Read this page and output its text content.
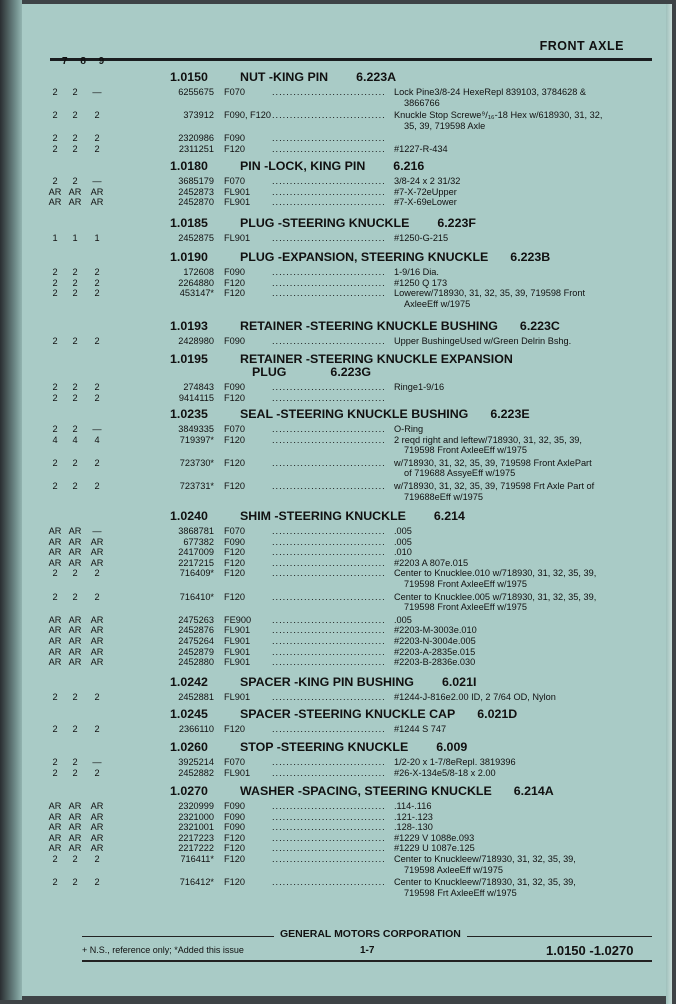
FRONT AXLE
7 8 9
1.0150	NUT -KING PIN 6.223A
2	2	—	6255675 F070	................................ Lock Pine3/8-24 HexeRepl 839103, 3784628 &
3866766
2	2	2	373912 F090, F120 ................................ Knuckle Stop Screwe⁹/₁₆-18 Hex w/618930, 31, 32,
35, 39, 719598 Axle
2	2	2	2320986 F090	................................
2	2	2	2311251 F120	................................ #1227-R-434
1.0180	PIN -LOCK, KING PIN 6.216
2	2	—	3685179 F070	................................ 3/8-24 x 2 31/32
AR AR	AR	2452873 FL901 ................................ #7-X-72eUpper
AR AR	AR	2452870 FL901 ................................ #7-X-69eLower
1.0185	PLUG -STEERING KNUCKLE 6.223F
1	1	1	2452875 FL901 ................................ #1250-G-215
1.0190	PLUG -EXPANSION, STEERING KNUCKLE 6.223B
2	2	2	172608 F090	................................ 1-9/16 Dia.
2	2	2	2264880 F120	................................ #1250 Q 173
2	2	2	453147* F120	................................ Lowerew/718930, 31, 32, 35, 39, 719598 Front
AxleeEff w/1975
1.0193	RETAINER -STEERING KNUCKLE BUSHING 6.223C
2	2	2	2428980 F090	................................ Upper BushingeUsed w/Green Delrin Bshg.
1.0195	RETAINER -STEERING KNUCKLE EXPANSION
PLUG	6.223G
2	2	2	274843 F090	................................ Ringe1-9/16
2	2	2	9414115 F120	................................
1.0235	SEAL -STEERING KNUCKLE BUSHING 6.223E
2	2	—	3849335 F070	................................ O-Ring
4	4	4	719397* F120	................................ 2 reqd right and leftew/718930, 31, 32, 35, 39,
719598 Front AxleeEff w/1975
2	2	2	723730* F120	................................ w/718930, 31, 32, 35, 39, 719598 Front AxlePart
of 719688 AssyeEff w/1975
2	2	2	723731* F120	................................ w/718930, 31, 32, 35, 39, 719598 Frt Axle Part of
719688eEff w/1975
1.0240	SHIM -STEERING KNUCKLE 6.214
AR AR	—	3868781 F070	................................ .005
AR AR	AR	677382 F090	................................ .005
AR AR	AR	2417009 F120	................................ .010
AR AR	AR	2217215 F120	................................ #2203 A 807e.015
2	2	2	716409* F120	................................ Center to Knucklee.010 w/718930, 31, 32, 35, 39,
719598 Front AxleeEff w/1975
2	2	2	716410* F120	................................ Center to Knucklee.005 w/718930, 31, 32, 35, 39,
719598 Front AxleeEff w/1975
AR AR	AR	2475263 FE900 ................................ .005
AR AR	AR	2452876 FL901 ................................ #2203-M-3003e.010
AR AR	AR	2475264 FL901 ................................ #2203-N-3004e.005
AR AR	AR	2452879 FL901 ................................ #2203-A-2835e.015
AR AR	AR	2452880 FL901 ................................ #2203-B-2836e.030
1.0242	SPACER -KING PIN BUSHING 6.021I
2	2	2	2452881 FL901 ................................ #1244-J-816e2.00 ID, 2 7/64 OD, Nylon
1.0245	SPACER -STEERING KNUCKLE CAP 6.021D
2	2	2	2366110 F120	................................ #1244 S 747
1.0260	STOP -STEERING KNUCKLE 6.009
2	2	—	3925214 F070	................................ 1/2-20 x 1-7/8eRepl. 3819396
2	2	2	2452882 FL901 ................................ #26-X-134e5/8-18 x 2.00
1.0270	WASHER -SPACING, STEERING KNUCKLE 6.214A
AR AR	AR	2320999 F090	................................ .114-.116
AR AR	AR	2321000 F090	................................ .121-.123
AR AR	AR	2321001 F090	................................ .128-.130
AR AR	AR	2217223 F120	................................ #1229 V 1088e.093
AR AR	AR	2217222 F120	................................ #1229 U 1087e.125
2	2	2	716411* F120	................................ Center to Knuckleew/718930, 31, 32, 35, 39,
719598 AxleeEff w/1975
2	2	2	716412* F120	................................ Center to Knuckleew/718930, 31, 32, 35, 39,
719598 Frt AxleeEff w/1975
GENERAL MOTORS CORPORATION
+ N.S., reference only; *Added this issue	1-7	1.0150 -1.0270
